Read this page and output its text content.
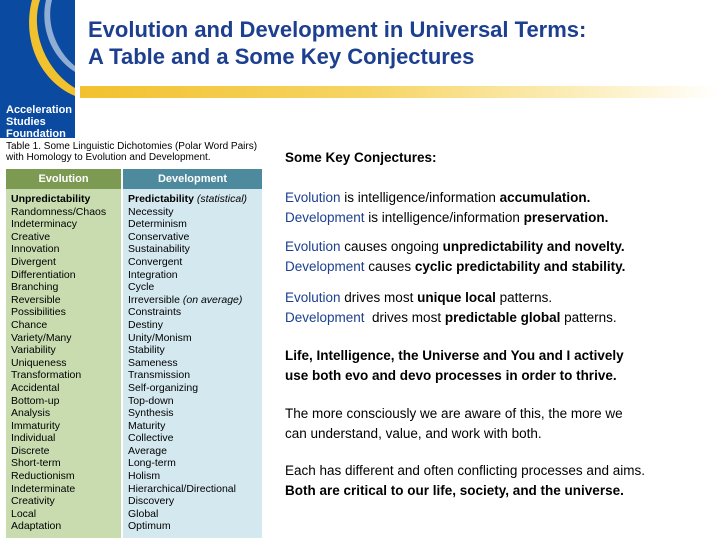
Acceleration
Studies
Foundation
Evolution and Development in Universal Terms:
A Table and a Some Key Conjectures
Table 1. Some Linguistic Dichotomies (Polar Word Pairs) with Homology to Evolution and Development.
Evolution
Unpredictability
Randomness/Chaos
Indeterminacy
Creative
Innovation
Divergent
Differentiation
Branching
Reversible
Possibilities
Chance
Variety/Many
Variability
Uniqueness
Transformation
Accidental
Bottom-up
Analysis
Immaturity
Individual
Discrete
Short-term
Reductionism
Indeterminate
Creativity
Local
Adaptation
Development
Predictability (statistical)
Necessity
Determinism
Conservative
Sustainability
Convergent
Integration
Cycle
Irreversible (on average)
Constraints
Destiny
Unity/Monism
Stability
Sameness
Transmission
Self-organizing
Top-down
Synthesis
Maturity
Collective
Average
Long-term
Holism
Hierarchical/Directional
Discovery
Global
Optimum
Some Key Conjectures:
Evolution is intelligence/information accumulation.
Development is intelligence/information preservation.
Evolution causes ongoing unpredictability and novelty.
Development causes cyclic predictability and stability.
Evolution drives most unique local patterns.
Development  drives most predictable global patterns.
Life, Intelligence, the Universe and You and I actively
use both evo and devo processes in order to thrive.
The more consciously we are aware of this, the more we
can understand, value, and work with both.
Each has different and often conflicting processes and aims.
Both are critical to our life, society, and the universe.
